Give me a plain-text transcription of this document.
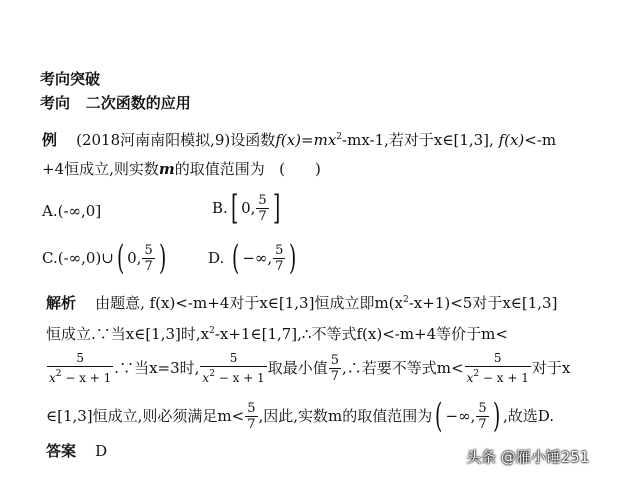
考向突破
考向 二次函数的应用
例 (2018河南南阳模拟,9)设函数$f(x)=mx^2-mx-1$,若对于x∈[1,3], f(x)<-m
+4恒成立,则实数m的取值范围为 (　　)
A.(-∞,0]	B. [ 0, $\frac{5}{7}$ ]
C.(-∞,0)∪ ( 0, $\frac{5}{7}$ )	D.
( −∞, $\frac{5}{7}$ )
解析 由题意, f(x)<-m+4对于x∈[1,3]恒成立即$m(x^2-x+1)<5$对于x∈[1,3]
恒成立.∵当x∈[1,3]时$,x^2-x+1\in[1,7],\therefore$不等式f(x)<-m+4等价于m<
$\frac{5}{x^2 - x + 1}$ .∵当x=3时, $\frac{5}{x^2 - x + 1}$ 取最小值 $\frac{5}{7}$ ,∴若要不等式$m< \frac{5}{x^2 - x + 1}$ 对于x
∈[1,3]恒成立,则必须满足$m< \frac{5}{7}$ ,因此,实数m的取值范围为 ( −∞, $\frac{5}{7}$ ) ,故选D.
答案 D	头条 @雁小锤251
